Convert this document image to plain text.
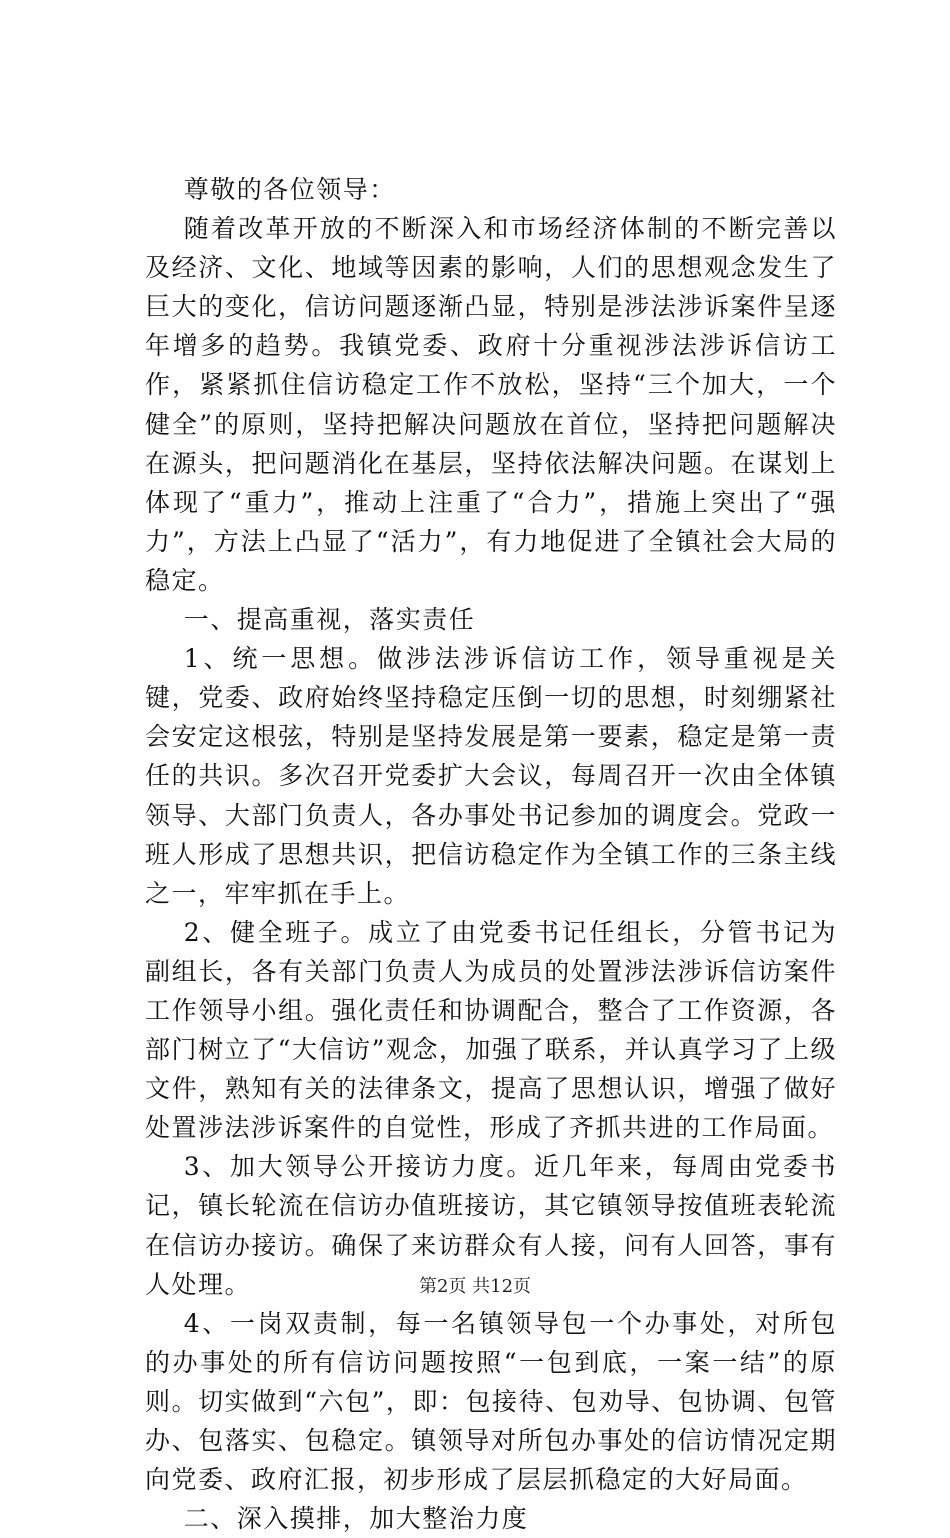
尊敬的各位领导：

随着改革开放的不断深入和市场经济体制的不断完善以及经济、文化、地域等因素的影响，人们的思想观念发生了巨大的变化，信访问题逐渐凸显，特别是涉法涉诉案件呈逐年增多的趋势。我镇党委、政府十分重视涉法涉诉信访工作，紧紧抓住信访稳定工作不放松，坚持“三个加大，一个健全”的原则，坚持把解决问题放在首位，坚持把问题解决在源头，把问题消化在基层，坚持依法解决问题。在谋划上体现了“重力”，推动上注重了“合力”，措施上突出了“强力”，方法上凸显了“活力”，有力地促进了全镇社会大局的稳定。

一、提高重视，落实责任

1、统一思想。做涉法涉诉信访工作，领导重视是关键，党委、政府始终坚持稳定压倒一切的思想，时刻绷紧社会安定这根弦，特别是坚持发展是第一要素，稳定是第一责任的共识。多次召开党委扩大会议，每周召开一次由全体镇领导、大部门负责人，各办事处书记参加的调度会。党政一班人形成了思想共识，把信访稳定作为全镇工作的三条主线之一，牢牢抓在手上。

2、健全班子。成立了由党委书记任组长，分管书记为副组长，各有关部门负责人为成员的处置涉法涉诉信访案件工作领导小组。强化责任和协调配合，整合了工作资源，各部门树立了“大信访”观念，加强了联系，并认真学习了上级文件，熟知有关的法律条文，提高了思想认识，增强了做好处置涉法涉诉案件的自觉性，形成了齐抓共进的工作局面。

3、加大领导公开接访力度。近几年来，每周由党委书记，镇长轮流在信访办值班接访，其它镇领导按值班表轮流在信访办接访。确保了来访群众有人接，问有人回答，事有人处理。

4、一岗双责制，每一名镇领导包一个办事处，对所包的办事处的所有信访问题按照“一包到底，一案一结”的原则。切实做到“六包”，即：包接待、包劝导、包协调、包管办、包落实、包稳定。镇领导对所包办事处的信访情况定期向党委、政府汇报，初步形成了层层抓稳定的大好局面。

二、深入摸排，加大整治力度

第2页 共12页
